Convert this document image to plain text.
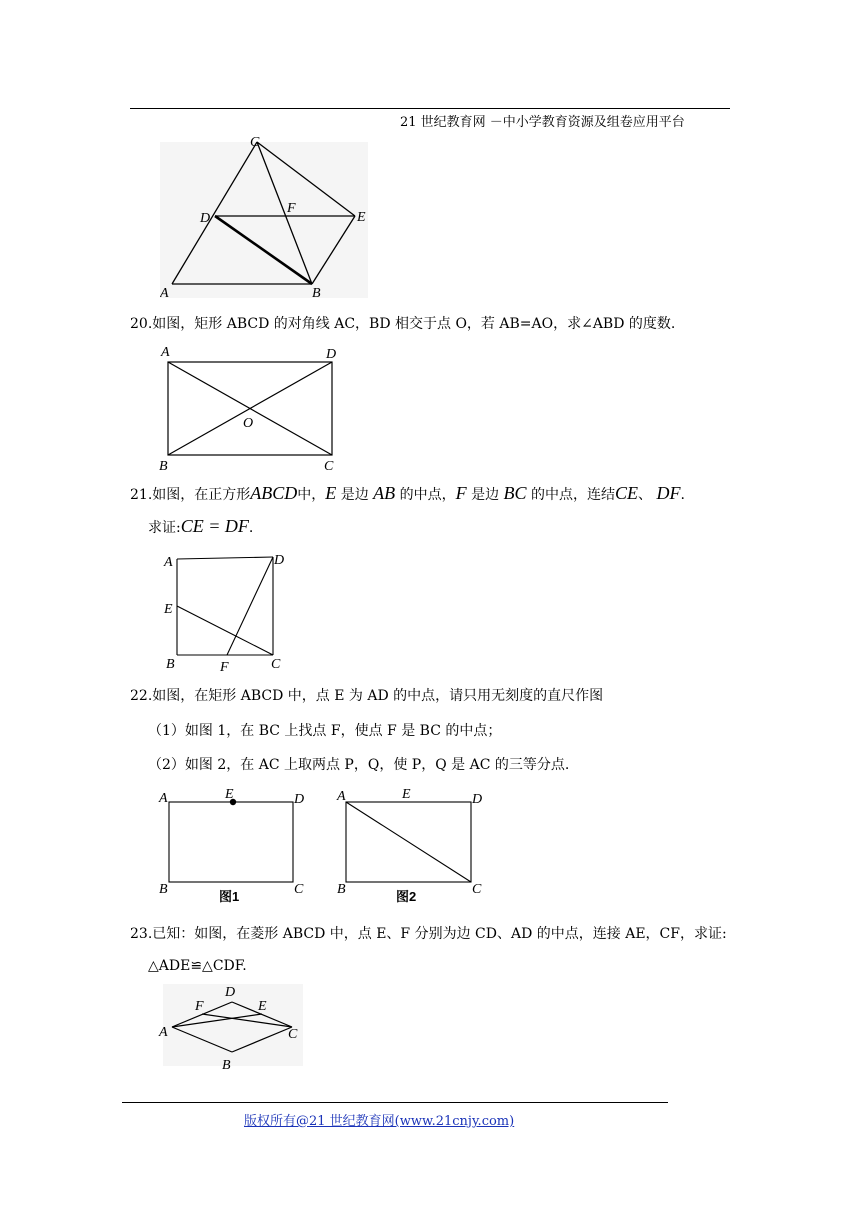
21 世纪教育网 －中小学教育资源及组卷应用平台
A	B
C
D	E
F
20.如图，矩形 ABCD 的对角线 AC，BD 相交于点 O，若 AB=AO，求∠ABD 的度数.
A	D
O
B	C
21.如图，在正方形ABCD中，E 是边 AB 的中点，F 是边 BC 的中点，连结CE、 DF.
求证:CE = DF.
A	D
E
B	F	C
22.如图，在矩形 ABCD 中，点 E 为 AD 的中点，请只用无刻度的直尺作图
（1）如图 1，在 BC 上找点 F，使点 F 是 BC 的中点；
（2）如图 2，在 AC 上取两点 P，Q，使 P，Q 是 AC 的三等分点.
A	E	D
B	C
图1
A	E	D
B	C
图2
23.已知：如图，在菱形 ABCD 中，点 E、F 分别为边 CD、AD 的中点，连接 AE，CF，求证:
△ADE≌△CDF.
F
D
E
A	C
B
版权所有@21 世纪教育网(www.21cnjy.com)
